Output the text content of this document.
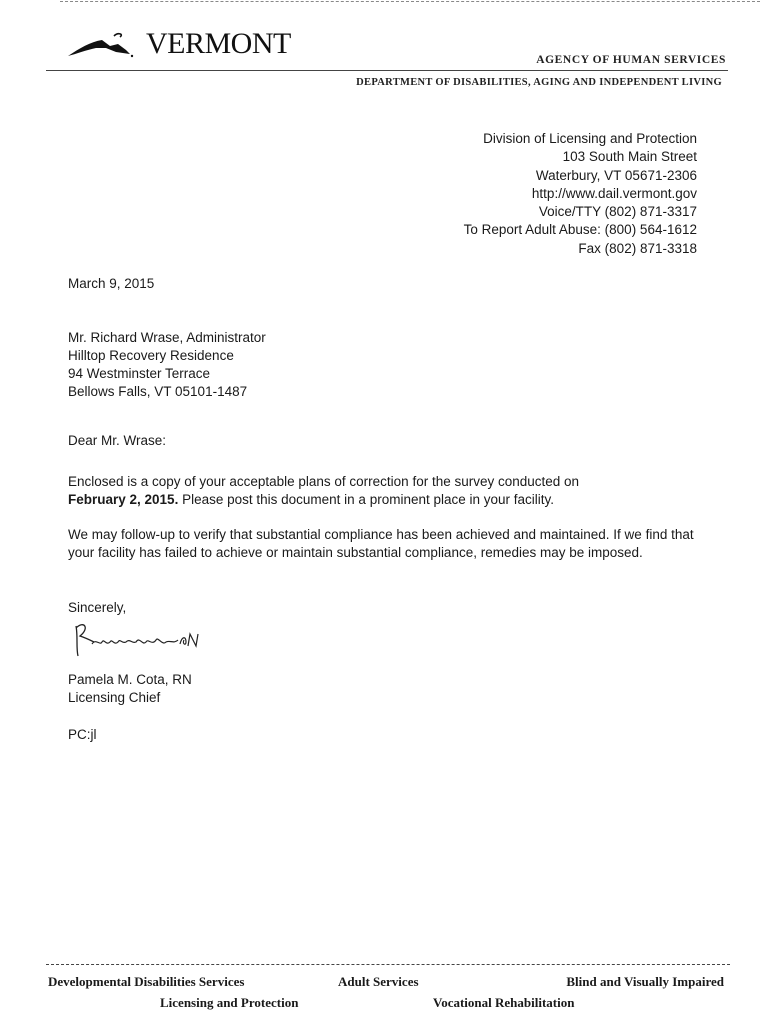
VERMONT	AGENCY OF HUMAN SERVICES
DEPARTMENT OF DISABILITIES, AGING AND INDEPENDENT LIVING
Division of Licensing and Protection
103 South Main Street
Waterbury, VT 05671-2306
http://www.dail.vermont.gov
Voice/TTY (802) 871-3317
To Report Adult Abuse: (800) 564-1612
Fax (802) 871-3318
March 9, 2015
Mr. Richard Wrase, Administrator
Hilltop Recovery Residence
94 Westminster Terrace
Bellows Falls, VT 05101-1487
Dear Mr. Wrase:
Enclosed is a copy of your acceptable plans of correction for the survey conducted on
February 2, 2015. Please post this document in a prominent place in your facility.
We may follow-up to verify that substantial compliance has been achieved and maintained. If we find that your facility has failed to achieve or maintain substantial compliance, remedies may be imposed.
Sincerely,
Pamela M. Cota, RN
Licensing Chief
PC:jl
Developmental Disabilities Services	Adult Services	Blind and Visually Impaired
Licensing and Protection	Vocational Rehabilitation
